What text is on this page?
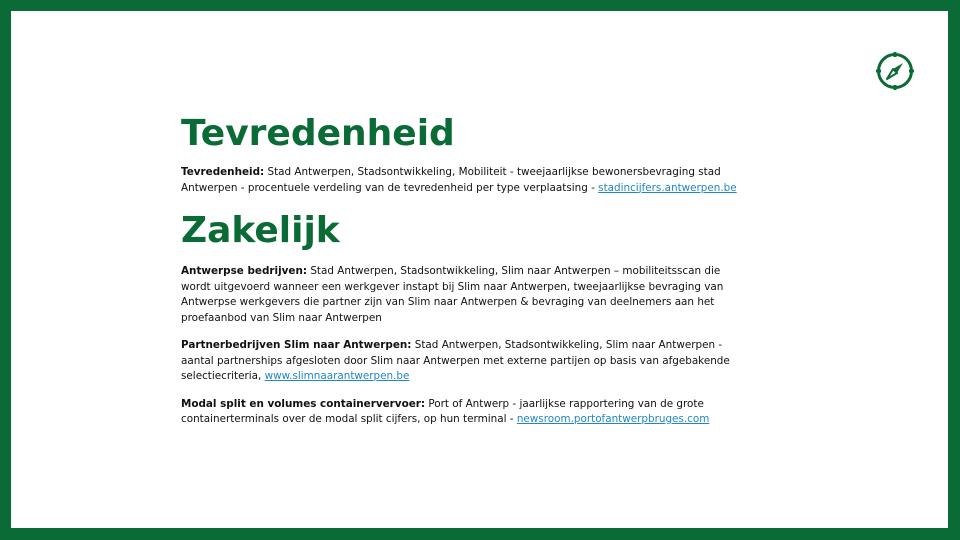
Tevredenheid

Tevredenheid: Stad Antwerpen, Stadsontwikkeling, Mobiliteit - tweejaarlijkse bewonersbevraging stad Antwerpen - procentuele verdeling van de tevredenheid per type verplaatsing - stadincijfers.antwerpen.be

Zakelijk

Antwerpse bedrijven: Stad Antwerpen, Stadsontwikkeling, Slim naar Antwerpen – mobiliteitsscan die wordt uitgevoerd wanneer een werkgever instapt bij Slim naar Antwerpen, tweejaarlijkse bevraging van Antwerpse werkgevers die partner zijn van Slim naar Antwerpen & bevraging van deelnemers aan het proefaanbod van Slim naar Antwerpen

Partnerbedrijven Slim naar Antwerpen: Stad Antwerpen, Stadsontwikkeling, Slim naar Antwerpen - aantal partnerships afgesloten door Slim naar Antwerpen met externe partijen op basis van afgebakende selectiecriteria, www.slimnaarantwerpen.be

Modal split en volumes containervervoer: Port of Antwerp - jaarlijkse rapportering van de grote containerterminals over de modal split cijfers, op hun terminal - newsroom.portofantwerpbruges.com
